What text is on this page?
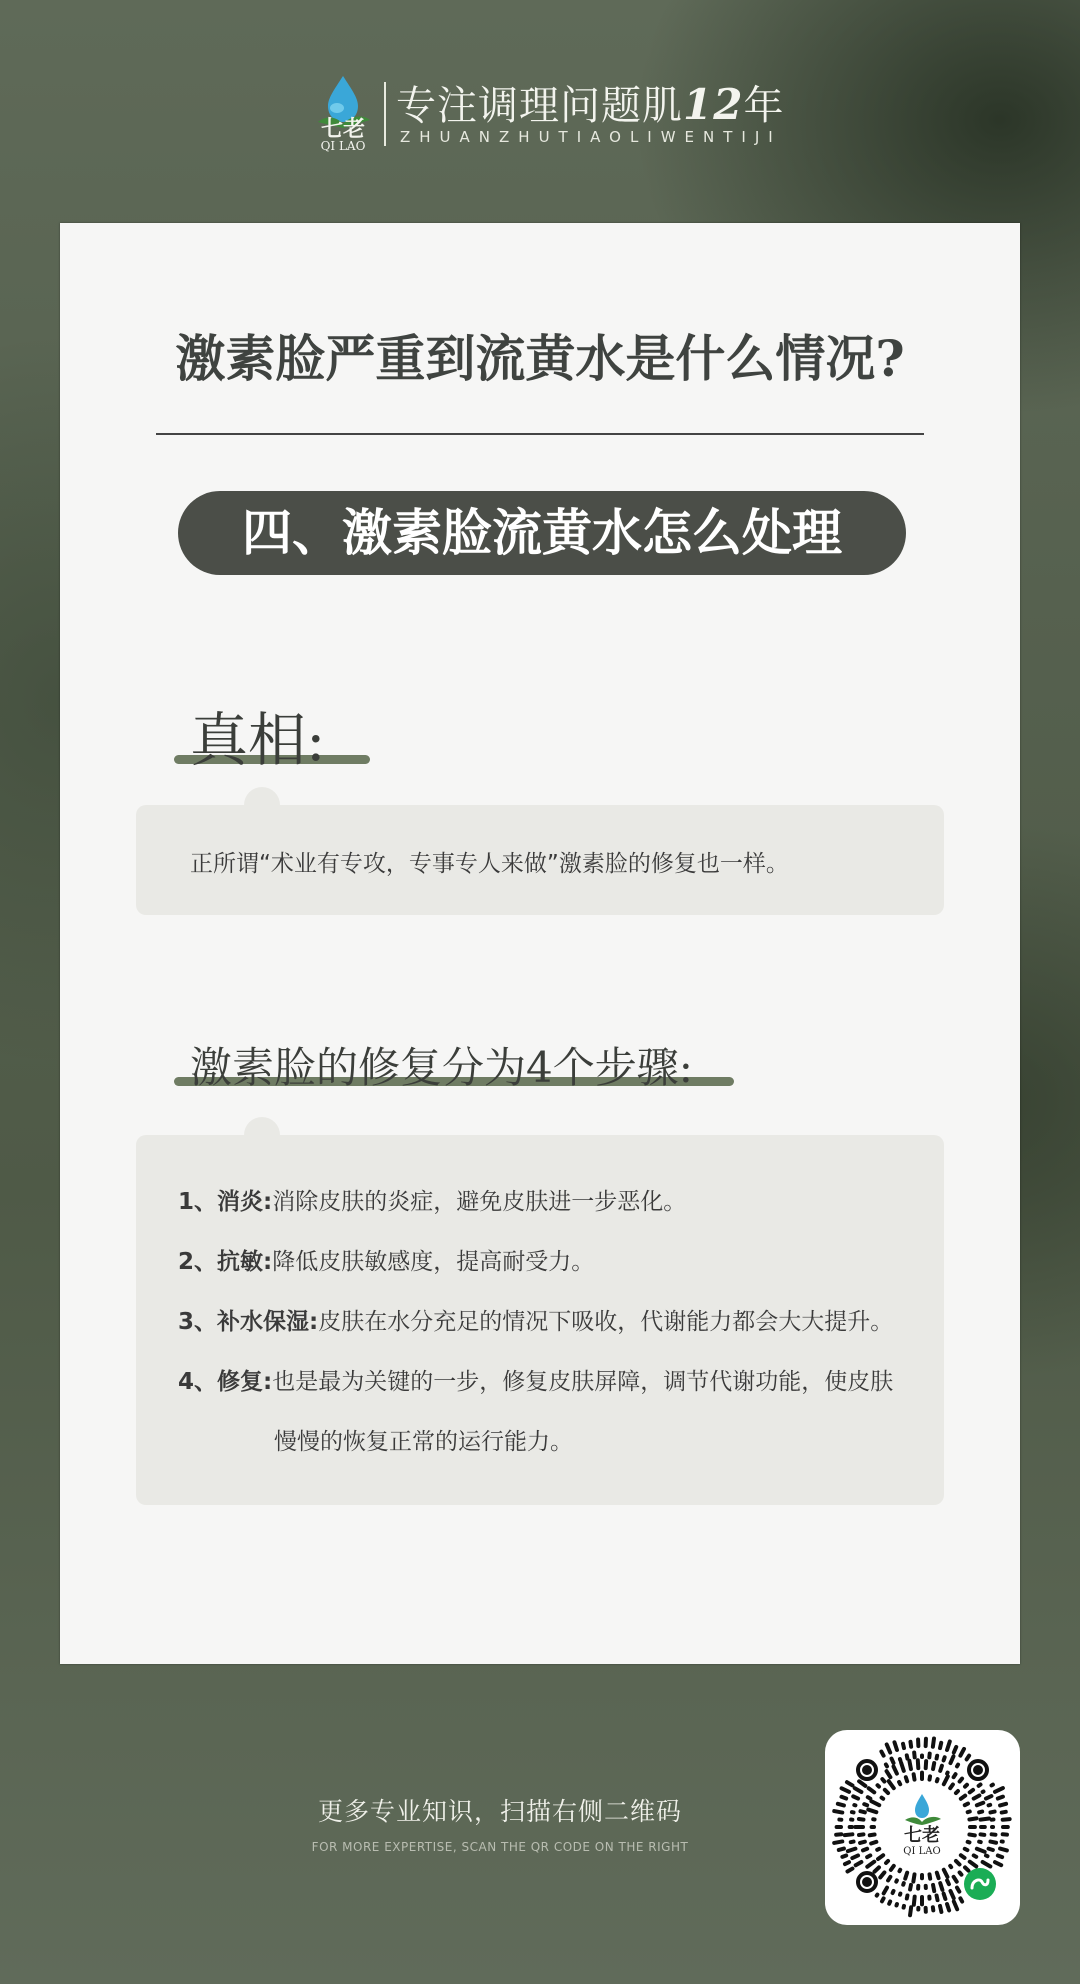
七老
QI LAO
专注调理问题肌12年
ZHUANZHUTIAOLIWENTIJI
激素脸严重到流黄水是什么情况?
四、激素脸流黄水怎么处理
真相:
正所谓“术业有专攻，专事专人来做”激素脸的修复也一样。
激素脸的修复分为4个步骤:
1、消炎:消除皮肤的炎症，避免皮肤进一步恶化。
2、抗敏:降低皮肤敏感度，提高耐受力。
3、补水保湿:皮肤在水分充足的情况下吸收，代谢能力都会大大提升。
4、修复:也是最为关键的一步，修复皮肤屏障，调节代谢功能，使皮肤
慢慢的恢复正常的运行能力。
更多专业知识，扫描右侧二维码
FOR MORE EXPERTISE, SCAN THE QR CODE ON THE RIGHT
七老
QI LAO
